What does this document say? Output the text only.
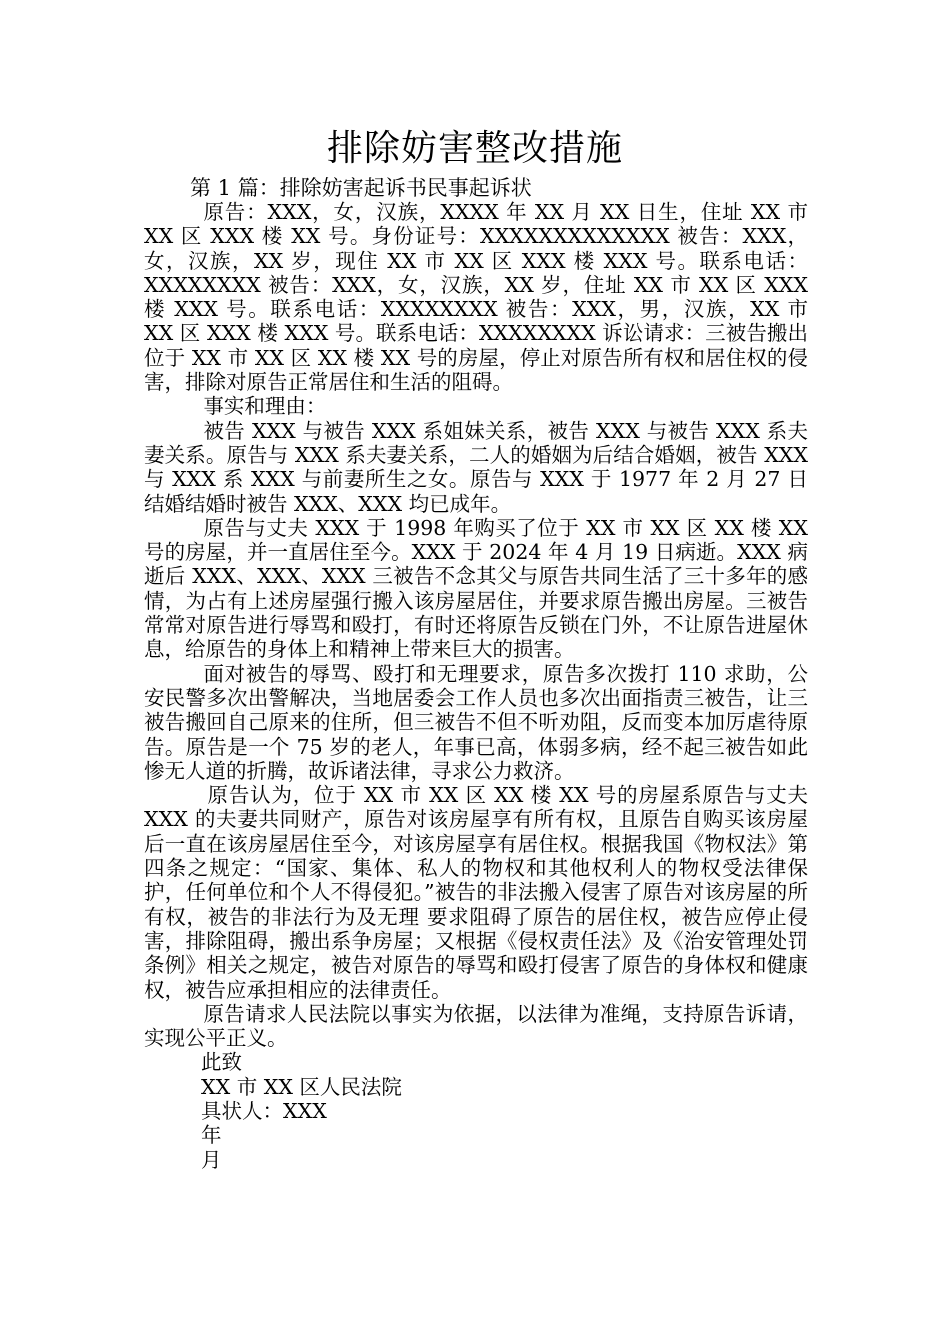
排除妨害整改措施
第 1 篇：排除妨害起诉书民事起诉状

原告：XXX，女，汉族，XXXX 年 XX 月 XX 日生，住址 XX 市 XX 区 XXX 楼 XX 号。身份证号：XXXXXXXXXXXXX 被告：XXX，女，汉族，XX 岁，现住 XX 市 XX 区 XXX 楼 XXX 号。联系电话：XXXXXXXX 被告：XXX，女，汉族，XX 岁，住址 XX 市 XX 区 XXX 楼 XXX 号。联系电话：XXXXXXXX 被告：XXX，男，汉族，XX 市 XX 区 XXX 楼 XXX 号。联系电话：XXXXXXXX 诉讼请求：三被告搬出位于 XX 市 XX 区 XX 楼 XX 号的房屋，停止对原告所有权和居住权的侵害，排除对原告正常居住和生活的阻碍。

事实和理由：

被告 XXX 与被告 XXX 系姐妹关系，被告 XXX 与被告 XXX 系夫妻关系。原告与 XXX 系夫妻关系，二人的婚姻为后结合婚姻，被告 XXX 与 XXX 系 XXX 与前妻所生之女。原告与 XXX 于 1977 年 2 月 27 日结婚结婚时被告 XXX、XXX 均已成年。

原告与丈夫 XXX 于 1998 年购买了位于 XX 市 XX 区 XX 楼 XX 号的房屋，并一直居住至今。XXX 于 2024 年 4 月 19 日病逝。XXX 病逝后 XXX、XXX、XXX 三被告不念其父与原告共同生活了三十多年的感情，为占有上述房屋强行搬入该房屋居住，并要求原告搬出房屋。三被告常常对原告进行辱骂和殴打，有时还将原告反锁在门外，不让原告进屋休息，给原告的身体上和精神上带来巨大的损害。

面对被告的辱骂、殴打和无理要求，原告多次拨打 110 求助，公安民警多次出警解决，当地居委会工作人员也多次出面指责三被告，让三被告搬回自己原来的住所，但三被告不但不听劝阻，反而变本加厉虐待原告。原告是一个 75 岁的老人，年事已高，体弱多病，经不起三被告如此惨无人道的折腾，故诉诸法律，寻求公力救济。

原告认为，位于 XX 市 XX 区 XX 楼 XX 号的房屋系原告与丈夫 XXX 的夫妻共同财产，原告对该房屋享有所有权，且原告自购买该房屋后一直在该房屋居住至今，对该房屋享有居住权。根据我国《物权法》第四条之规定：“国家、集体、私人的物权和其他权利人的物权受法律保护，任何单位和个人不得侵犯。”被告的非法搬入侵害了原告对该房屋的所有权，被告的非法行为及无理 要求阻碍了原告的居住权，被告应停止侵害，排除阻碍，搬出系争房屋；又根据《侵权责任法》及《治安管理处罚条例》相关之规定，被告对原告的辱骂和殴打侵害了原告的身体权和健康权，被告应承担相应的法律责任。

原告请求人民法院以事实为依据，以法律为准绳，支持原告诉请，实现公平正义。

此致

XX 市 XX 区人民法院

具状人：XXX

年

月
